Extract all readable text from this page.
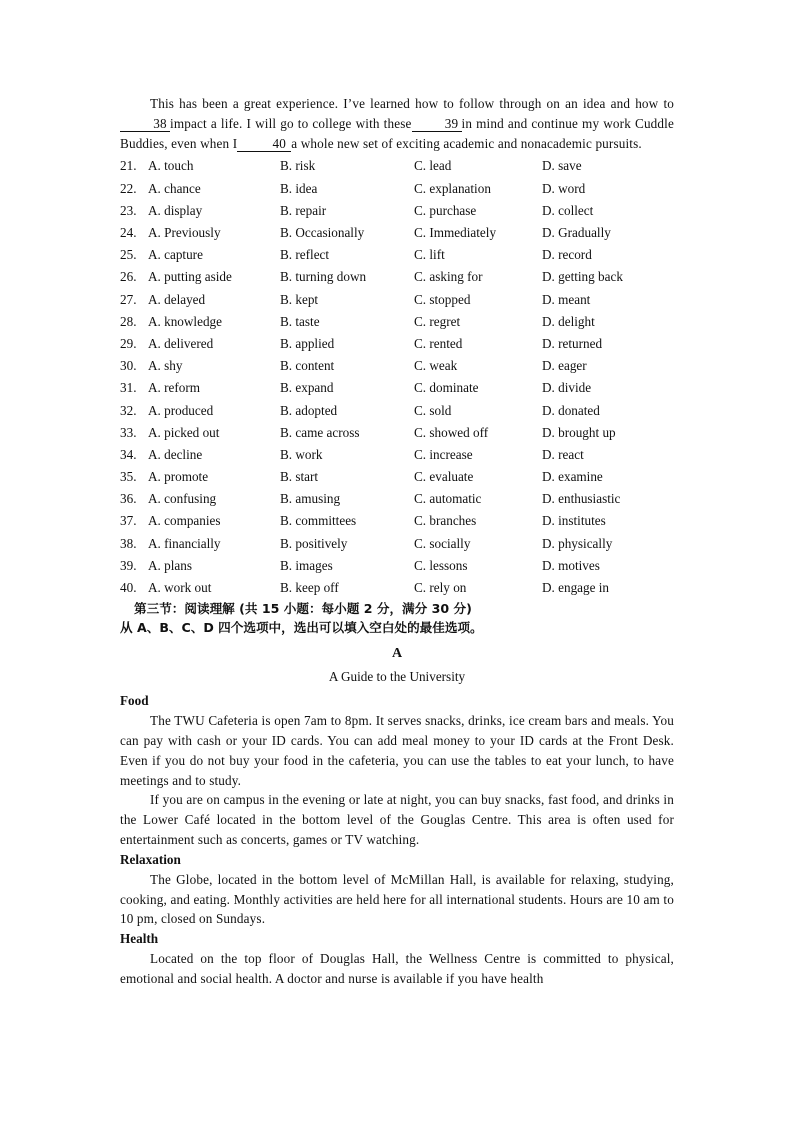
This has been a great experience. I’ve learned how to follow through on an idea and how to38 impact a life. I will go to college with these	39 in mind and continue my work Cuddle Buddies, even when I	40 a whole new set of exciting academic and nonacademic pursuits.

21. A. touch	B. risk	C. lead	D. save
22. A. chance	B. idea	C. explanation	D. word
23. A. display	B. repair	C. purchase	D. collect
24. A. Previously	B. Occasionally	C. Immediately	D. Gradually
25. A. capture	B. reflect	C. lift	D. record
26. A. putting aside	B. turning down	C. asking for	D. getting back
27. A. delayed	B. kept	C. stopped	D. meant
28. A. knowledge	B. taste	C. regret	D. delight
29. A. delivered	B. applied	C. rented	D. returned
30. A. shy	B. content	C. weak	D. eager
31. A. reform	B. expand	C. dominate	D. divide
32. A. produced	B. adopted	C. sold	D. donated
33. A. picked out	B. came across	C. showed off	D. brought up
34. A. decline	B. work	C. increase	D. react
35. A. promote	B. start	C. evaluate	D. examine
36. A. confusing	B. amusing	C. automatic	D. enthusiastic
37. A. companies	B. committees	C. branches	D. institutes
38. A. financially	B. positively	C. socially	D. physically
39. A. plans	B. images	C. lessons	D. motives
40. A. work out	B. keep off	C. rely on	D. engage in

第三节：阅读理解 (共 15 小题：每小题 2 分，满分 30 分)

从 A、B、C、D 四个选项中，选出可以填入空白处的最佳选项。

A
A Guide to the University

Food

The TWU Cafeteria is open 7am to 8pm. It serves snacks, drinks, ice cream bars and meals. You can pay with cash or your ID cards. You can add meal money to your ID cards at the Front Desk. Even if you do not buy your food in the cafeteria, you can use the tables to eat your lunch, to have meetings and to study.

If you are on campus in the evening or late at night, you can buy snacks, fast food, and drinks in the Lower Café located in the bottom level of the Gouglas Centre. This area is often used for entertainment such as concerts, games or TV watching.

Relaxation

The Globe, located in the bottom level of McMillan Hall, is available for relaxing, studying, cooking, and eating. Monthly activities are held here for all international students. Hours are 10 am to 10 pm, closed on Sundays.

Health

Located on the top floor of Douglas Hall, the Wellness Centre is committed to physical, emotional and social health. A doctor and nurse is available if you have health
